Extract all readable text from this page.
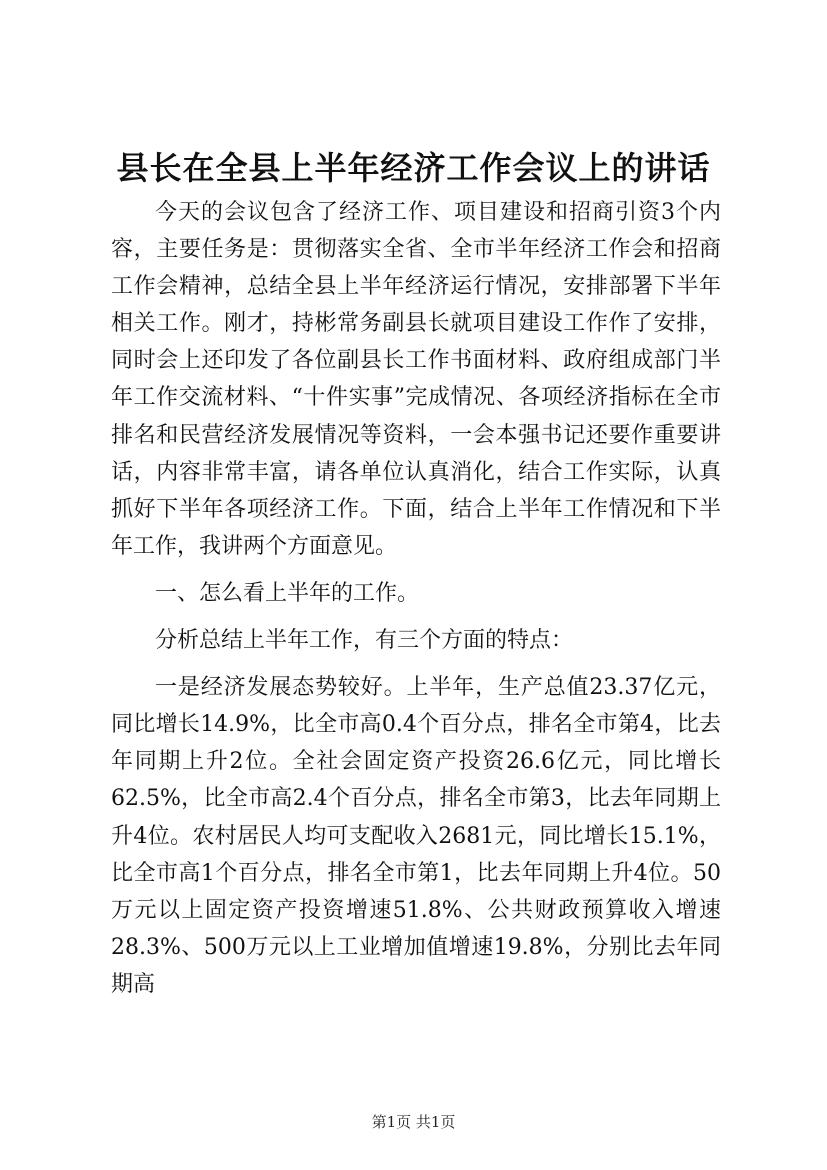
县长在全县上半年经济工作会议上的讲话

今天的会议包含了经济工作、项目建设和招商引资3个内容，主要任务是：贯彻落实全省、全市半年经济工作会和招商工作会精神，总结全县上半年经济运行情况，安排部署下半年相关工作。刚才，持彬常务副县长就项目建设工作作了安排，同时会上还印发了各位副县长工作书面材料、政府组成部门半年工作交流材料、“十件实事”完成情况、各项经济指标在全市排名和民营经济发展情况等资料，一会本强书记还要作重要讲话，内容非常丰富，请各单位认真消化，结合工作实际，认真抓好下半年各项经济工作。下面，结合上半年工作情况和下半年工作，我讲两个方面意见。

一、怎么看上半年的工作。

分析总结上半年工作，有三个方面的特点：

一是经济发展态势较好。上半年，生产总值23.37亿元，同比增长14.9%，比全市高0.4个百分点，排名全市第4，比去年同期上升2位。全社会固定资产投资26.6亿元，同比增长62.5%，比全市高2.4个百分点，排名全市第3，比去年同期上升4位。农村居民人均可支配收入2681元，同比增长15.1%，比全市高1个百分点，排名全市第1，比去年同期上升4位。50万元以上固定资产投资增速51.8%、公共财政预算收入增速28.3%、500万元以上工业增加值增速19.8%，分别比去年同期高

第1页 共1页
